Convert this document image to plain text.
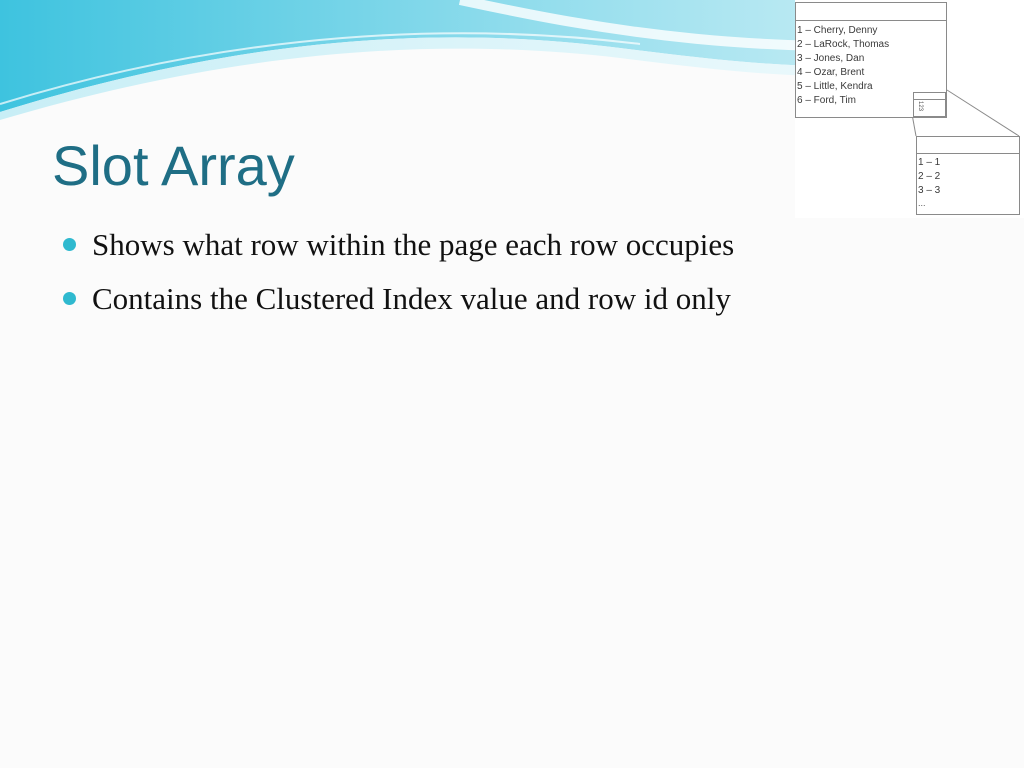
Slot Array
Shows what row within the page each row occupies
Contains the Clustered Index value and row id only
1 – Cherry, Denny
2 – LaRock, Thomas
3 – Jones, Dan
4 – Ozar, Brent
5 – Little, Kendra
6 – Ford, Tim
123
1 – 1
2 – 2
3 – 3
...
